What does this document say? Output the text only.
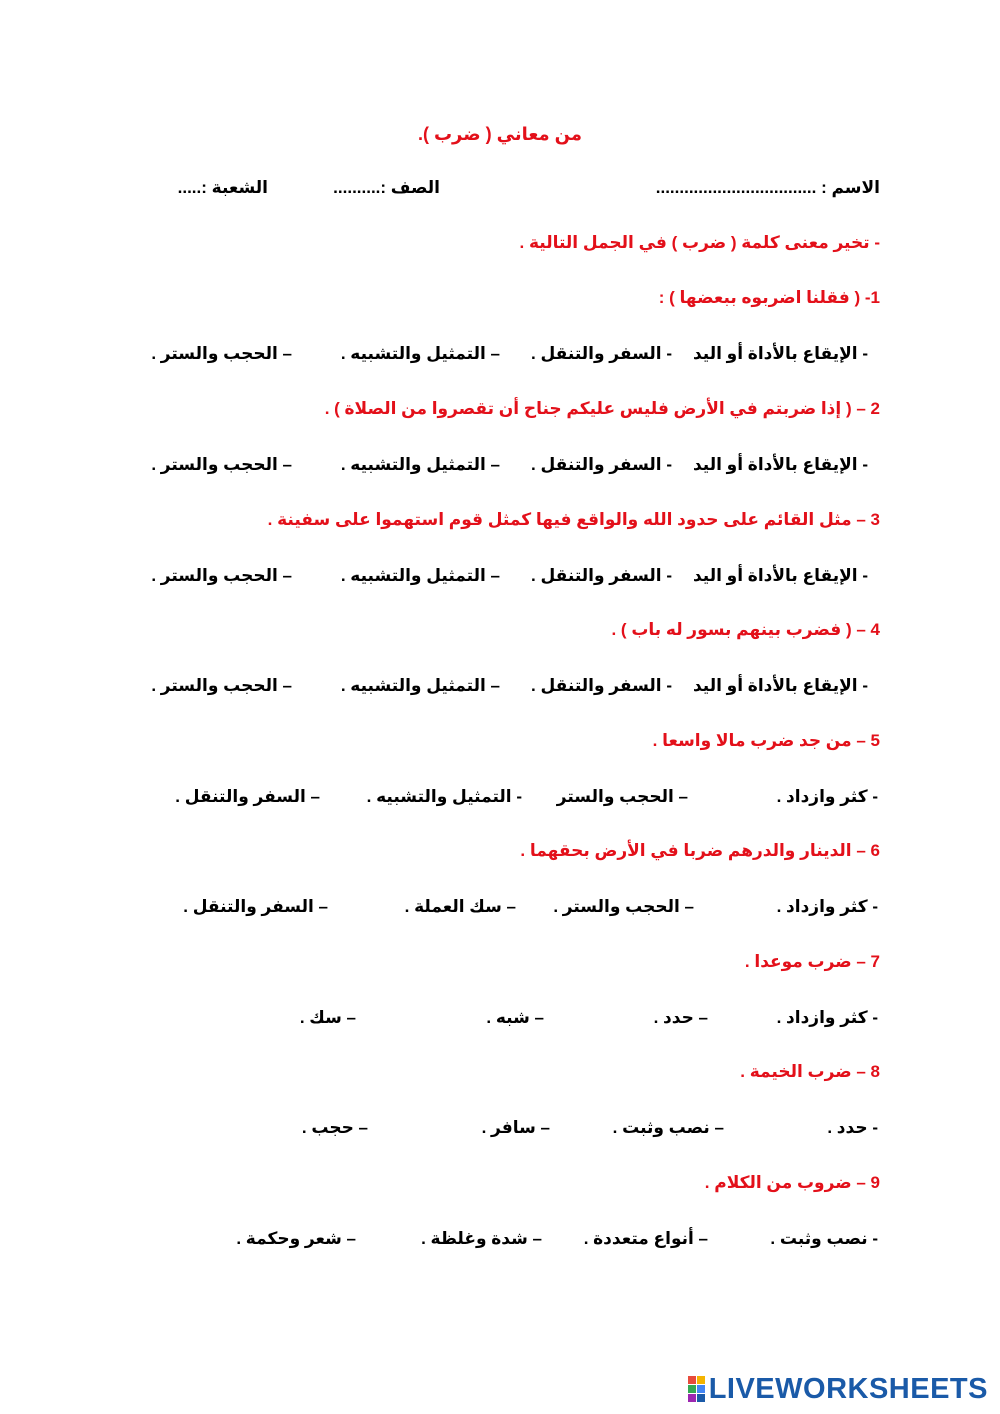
من معاني ( ضرب ).
الاسم : ..................................
الصف :..........
الشعبة :.....
- تخير معنى كلمة ( ضرب ) في الجمل التالية .
1- ( فقلنا اضربوه ببعضها ) :
- الإيقاع بالأداة أو اليد
- السفر والتنقل .
– التمثيل والتشبيه .
– الحجب والستر .
2 – ( إذا ضربتم في الأرض فليس عليكم جناح أن تقصروا من الصلاة ) .
- الإيقاع بالأداة أو اليد
- السفر والتنقل .
– التمثيل والتشبيه .
– الحجب والستر .
3 – مثل القائم على حدود الله والواقع فيها كمثل قوم استهموا على سفينة .
- الإيقاع بالأداة أو اليد
- السفر والتنقل .
– التمثيل والتشبيه .
– الحجب والستر .
4 – ( فضرب بينهم بسور له باب ) .
- الإيقاع بالأداة أو اليد
- السفر والتنقل .
– التمثيل والتشبيه .
– الحجب والستر .
5 – من جد ضرب مالا واسعا .
- كثر وازداد .
– الحجب والستر
- التمثيل والتشبيه .
– السفر والتنقل .
6 – الدينار والدرهم ضربا في الأرض بحقهما .
- كثر وازداد .
– الحجب والستر .
– سك العملة .
– السفر والتنقل .
7 – ضرب موعدا .
- كثر وازداد .
– حدد .
– شبه .
– سك .
8 – ضرب الخيمة .
- حدد .
– نصب وثبت .
– سافر .
– حجب .
9 – ضروب من الكلام .
- نصب وثبت .
– أنواع متعددة .
– شدة وغلظة .
– شعر وحكمة .
LIVEWORKSHEETS
